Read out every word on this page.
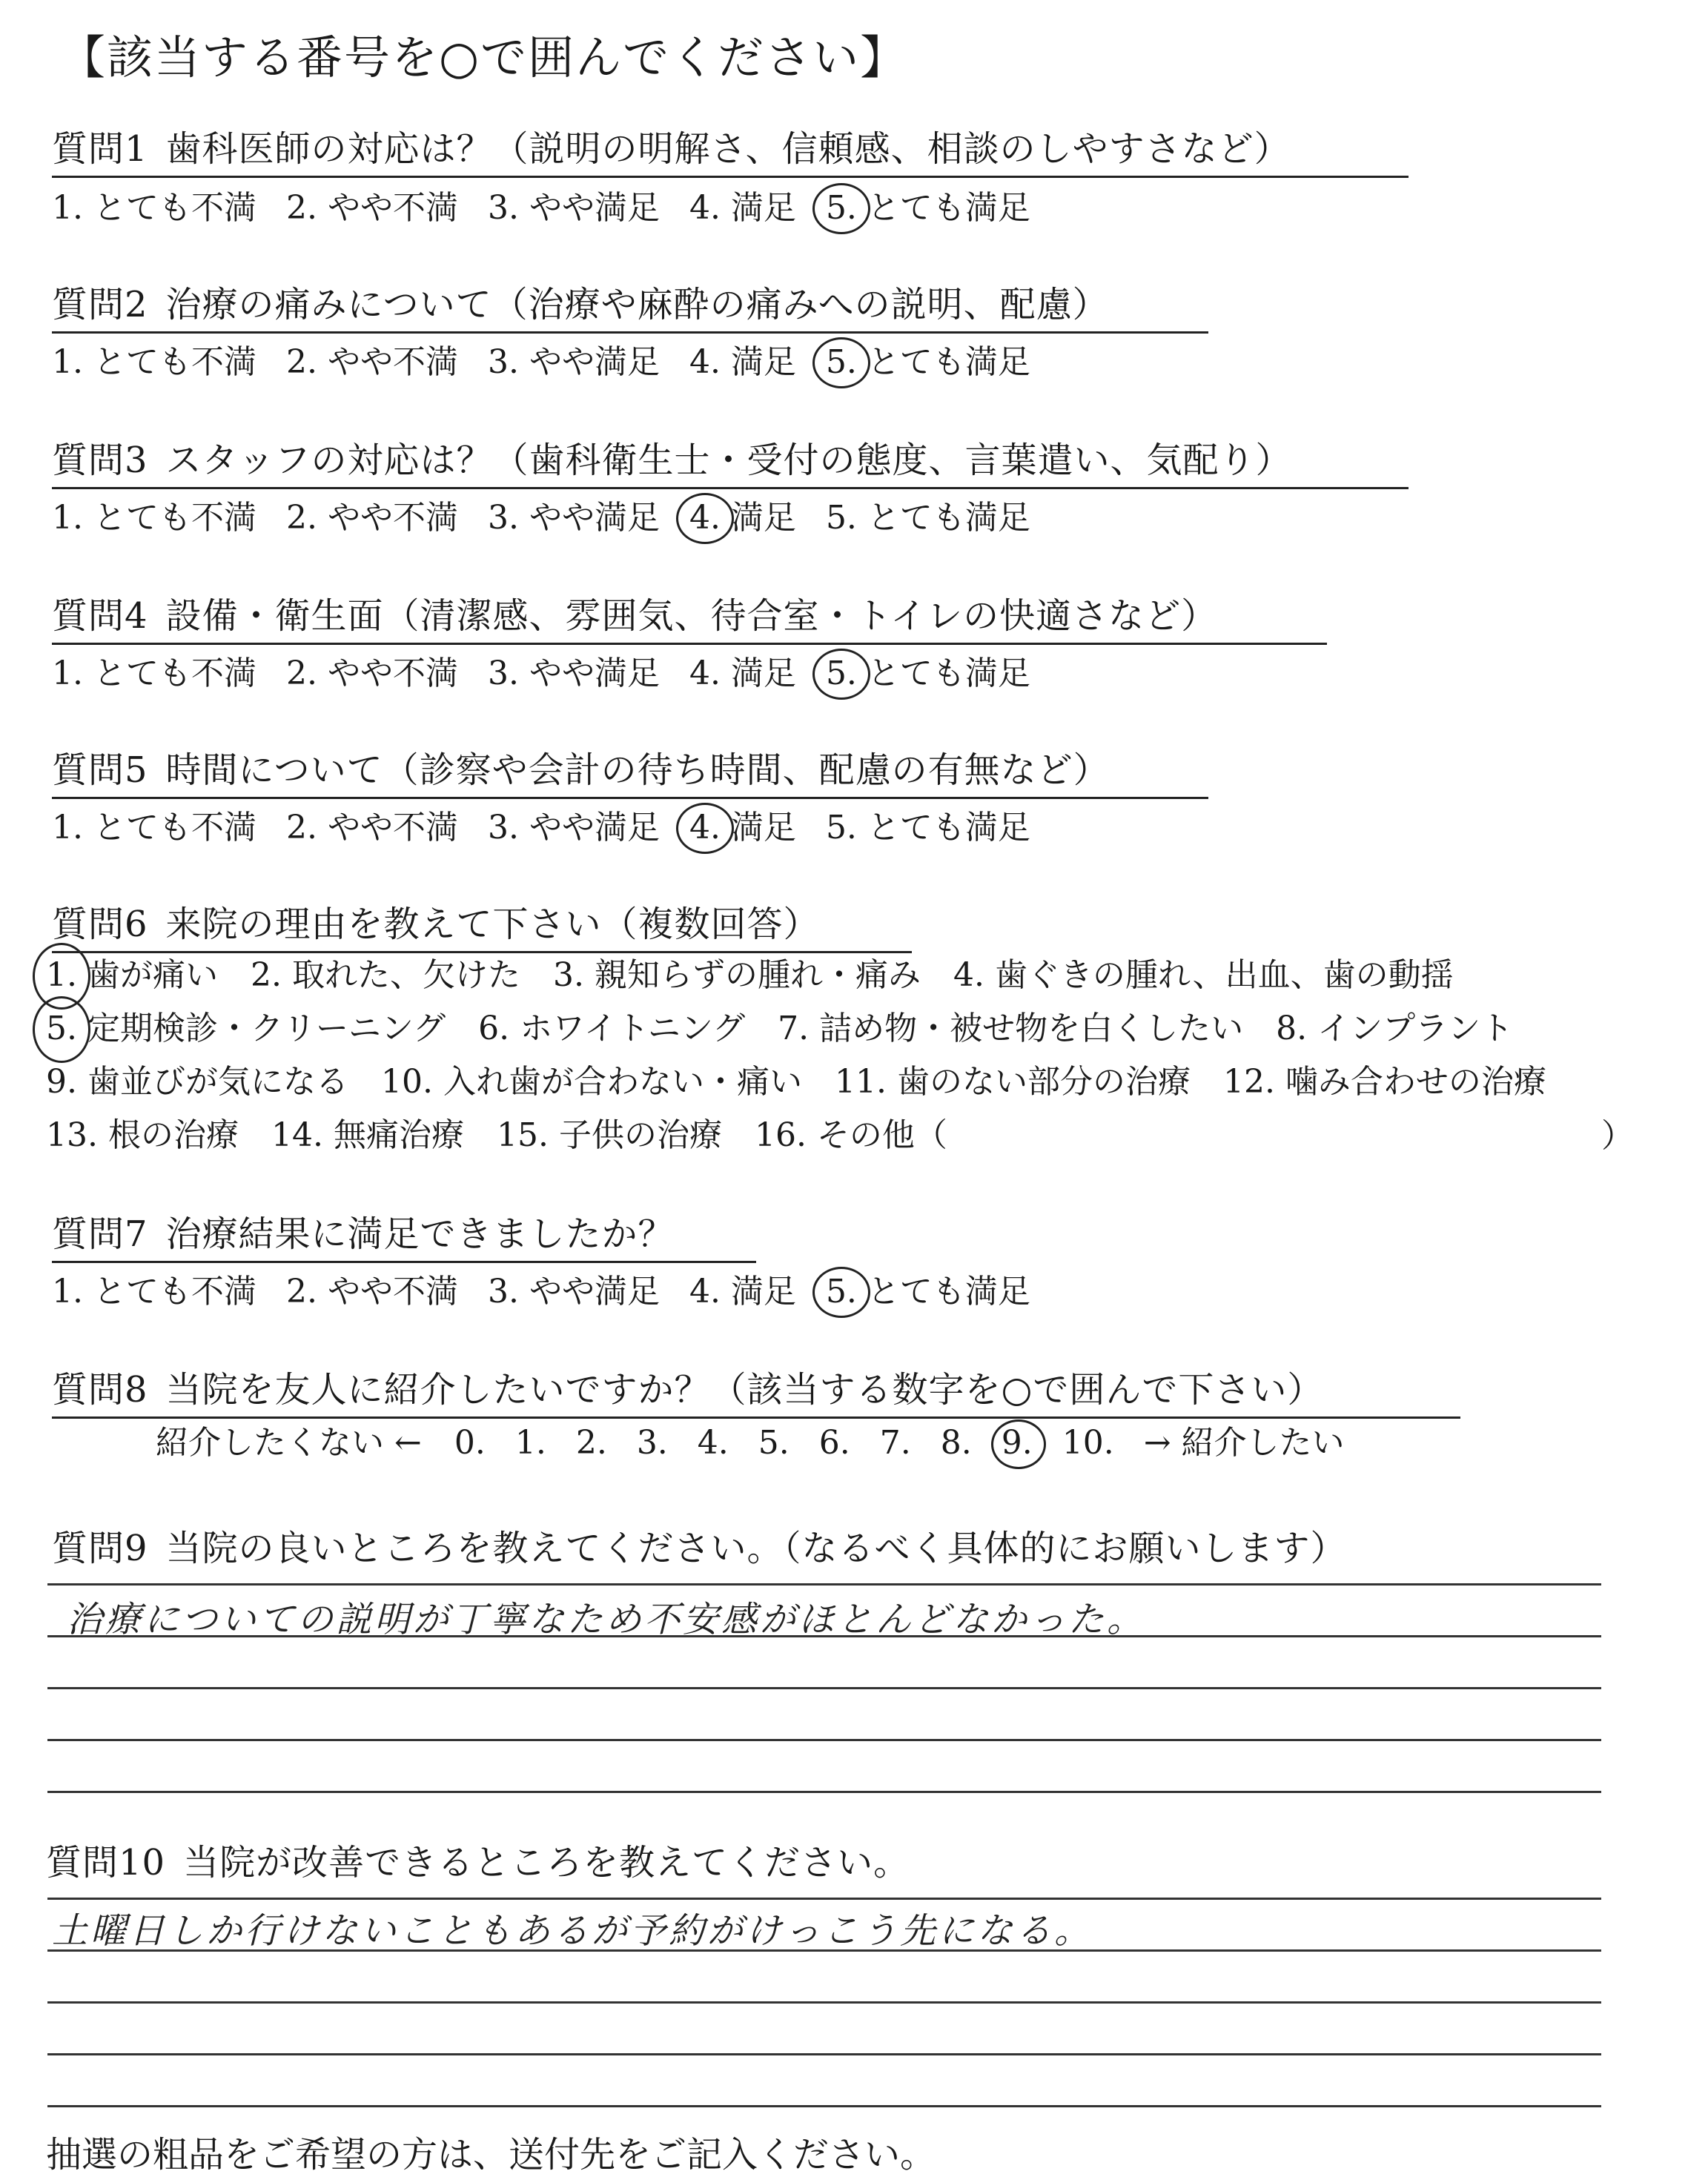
【該当する番号を○で囲んでください】
質問1 歯科医師の対応は？（説明の明解さ、信頼感、相談のしやすさなど）
1. とても不満 2. やや不満 3. やや満足 4. 満足 5. とても満足
質問2 治療の痛みについて（治療や麻酔の痛みへの説明、配慮）
1. とても不満 2. やや不満 3. やや満足 4. 満足 5. とても満足
質問3 スタッフの対応は？（歯科衛生士・受付の態度、言葉遣い、気配り）
1. とても不満 2. やや不満 3. やや満足 4. 満足 5. とても満足
質問4 設備・衛生面（清潔感、雰囲気、待合室・トイレの快適さなど）
1. とても不満 2. やや不満 3. やや満足 4. 満足 5. とても満足
質問5 時間について（診察や会計の待ち時間、配慮の有無など）
1. とても不満 2. やや不満 3. やや満足 4. 満足 5. とても満足
質問6 来院の理由を教えて下さい（複数回答）
1. 歯が痛い 2. 取れた、欠けた 3. 親知らずの腫れ・痛み 4. 歯ぐきの腫れ、出血、歯の動揺
5. 定期検診・クリーニング 6. ホワイトニング 7. 詰め物・被せ物を白くしたい 8. インプラント
9. 歯並びが気になる 10. 入れ歯が合わない・痛い 11. 歯のない部分の治療 12. 噛み合わせの治療
13. 根の治療 14. 無痛治療 15. 子供の治療 16. その他（	）
質問7 治療結果に満足できましたか？
1. とても不満 2. やや不満 3. やや満足 4. 満足 5. とても満足
質問8 当院を友人に紹介したいですか？（該当する数字を○で囲んで下さい）
紹介したくない ← 0. 1. 2. 3. 4. 5. 6. 7. 8. 9. 10. → 紹介したい
質問9 当院の良いところを教えてください。（なるべく具体的にお願いします）
治療についての説明が丁寧なため不安感がほとんどなかった。
質問10 当院が改善できるところを教えてください。
土曜日しか行けないこともあるが予約がけっこう先になる。
抽選の粗品をご希望の方は、送付先をご記入ください。
